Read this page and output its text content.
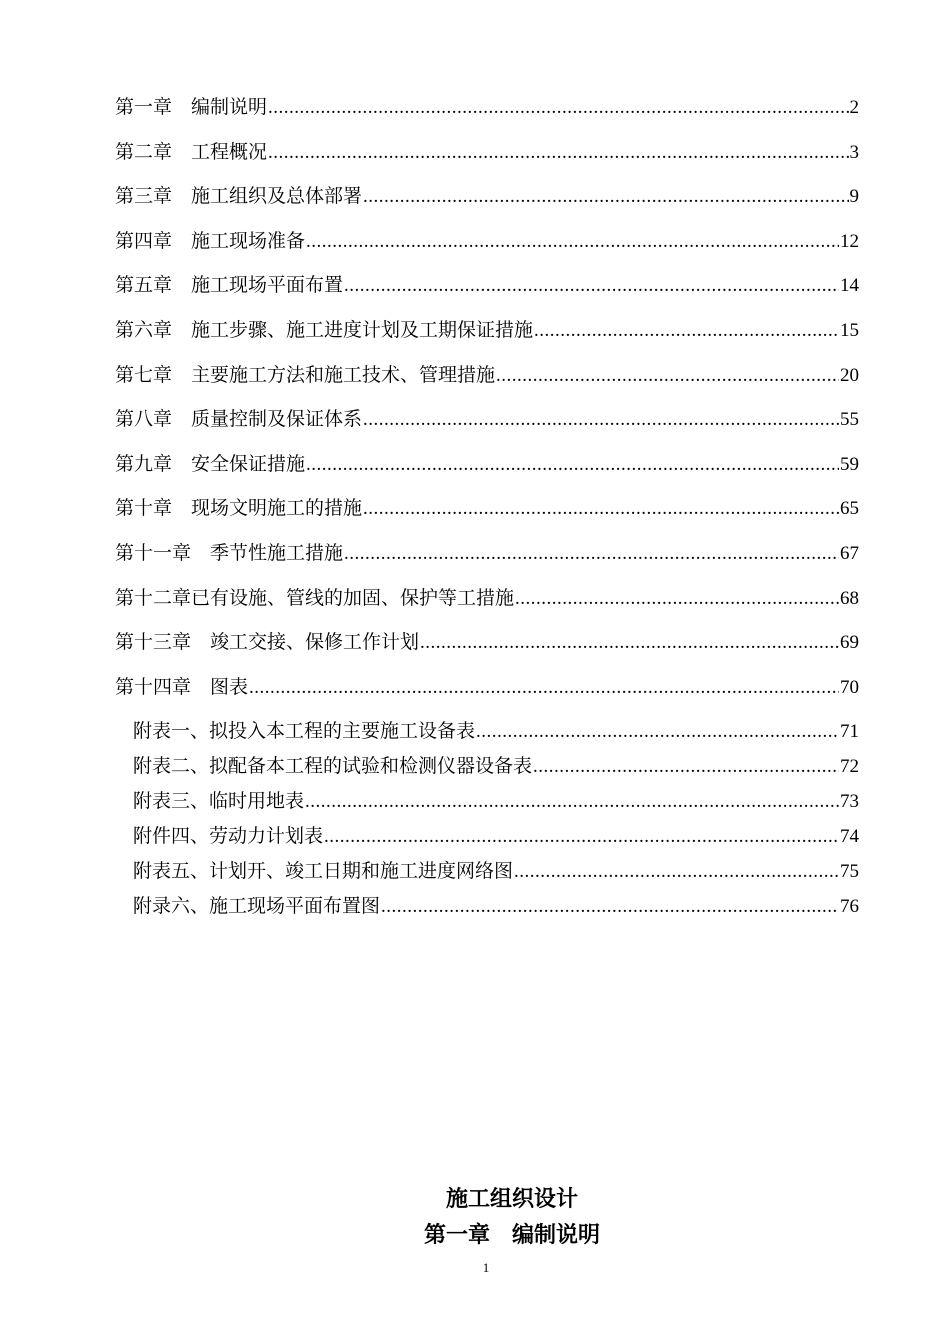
第一章　编制说明 .....	2
第二章　工程概况 .....	3
第三章　施工组织及总体部署 .....	9
第四章　施工现场准备 .....	12
第五章　施工现场平面布置 .....	14
第六章　施工步骤、施工进度计划及工期保证措施 .....	15
第七章　主要施工方法和施工技术、管理措施 .....	20
第八章　质量控制及保证体系 .....	55
第九章　安全保证措施 .....	59
第十章　现场文明施工的措施 .....	65
第十一章　季节性施工措施 .....	67
第十二章已有设施、管线的加固、保护等工措施 .....	68
第十三章　竣工交接、保修工作计划 .....	69
第十四章　图表 .....	70
附表一、拟投入本工程的主要施工设备表 .....	71
附表二、拟配备本工程的试验和检测仪器设备表 .....	72
附表三、临时用地表 .....	73
附件四、劳动力计划表 .....	74
附表五、计划开、竣工日期和施工进度网络图 .....	75
附录六、施工现场平面布置图 .....	76
施工组织设计
第一章　编制说明
1
